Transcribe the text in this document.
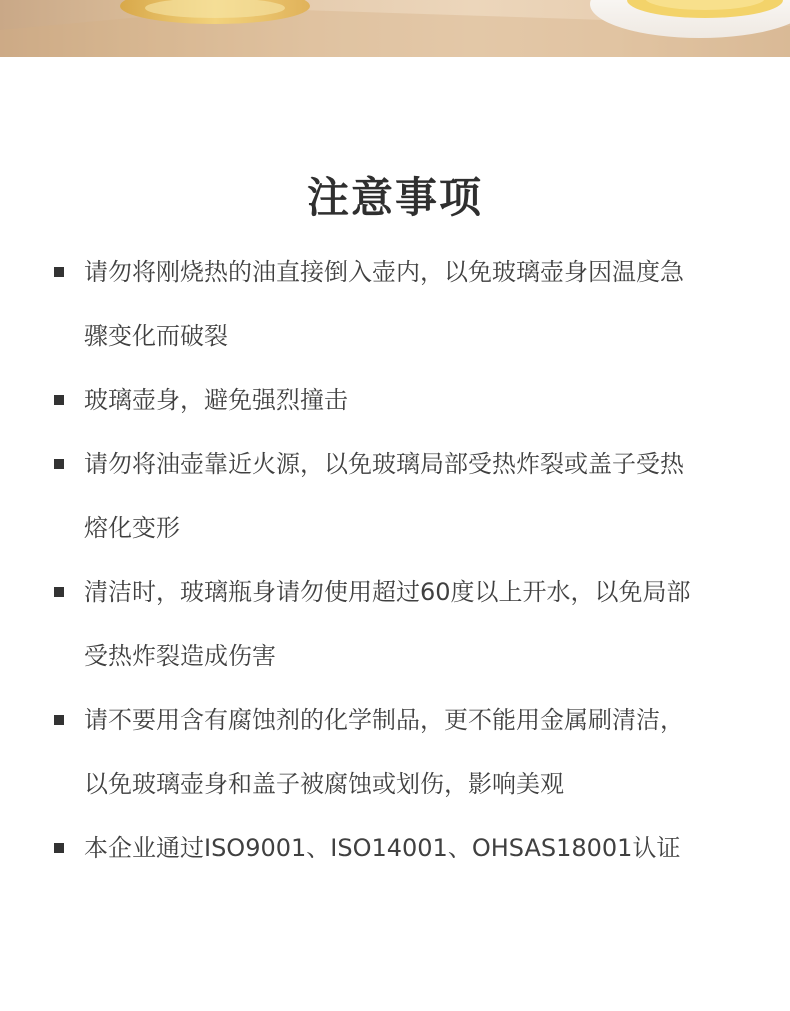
注意事项
请勿将刚烧热的油直接倒入壶内，以免玻璃壶身因温度急
骤变化而破裂
玻璃壶身，避免强烈撞击
请勿将油壶靠近火源，以免玻璃局部受热炸裂或盖子受热
熔化变形
清洁时，玻璃瓶身请勿使用超过60度以上开水，以免局部
受热炸裂造成伤害
请不要用含有腐蚀剂的化学制品，更不能用金属刷清洁，
以免玻璃壶身和盖子被腐蚀或划伤，影响美观
本企业通过ISO9001、ISO14001、OHSAS18001认证
